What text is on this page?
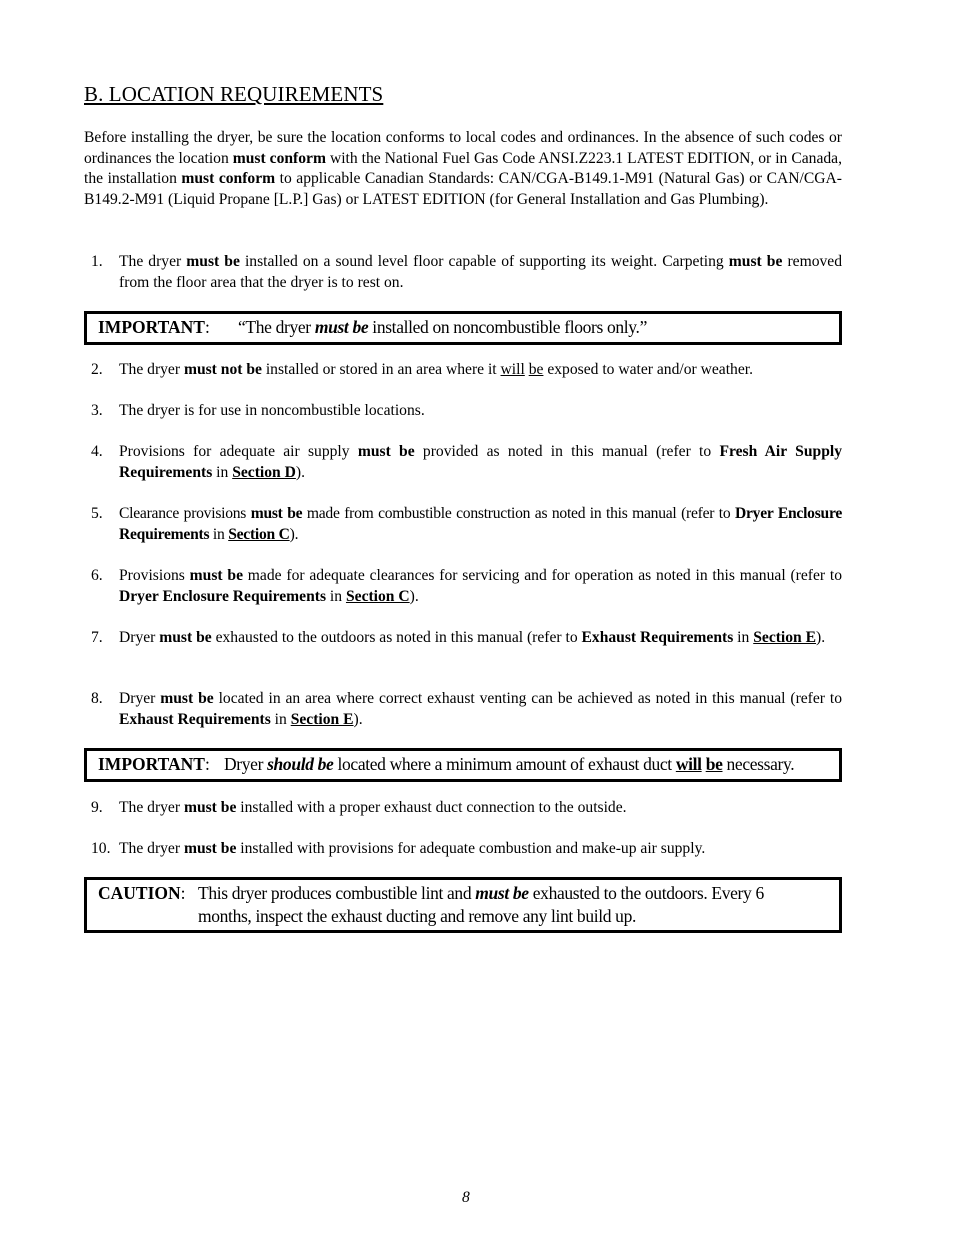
B. LOCATION REQUIREMENTS
Before installing the dryer, be sure the location conforms to local codes and ordinances. In the absence of such codes or ordinances the location must conform with the National Fuel Gas Code ANSI.Z223.1 LATEST EDITION, or in Canada, the installation must conform to applicable Canadian Standards: CAN/CGA-B149.1-M91 (Natural Gas) or CAN/CGA-B149.2-M91 (Liquid Propane [L.P.] Gas) or LATEST EDITION (for General Installation and Gas Plumbing).
1. The dryer must be installed on a sound level floor capable of supporting its weight. Carpeting must be removed from the floor area that the dryer is to rest on.
IMPORTANT: “The dryer must be installed on noncombustible floors only.”
2. The dryer must not be installed or stored in an area where it will be exposed to water and/or weather.
3. The dryer is for use in noncombustible locations.
4. Provisions for adequate air supply must be provided as noted in this manual (refer to Fresh Air Supply Requirements in Section D).
5. Clearance provisions must be made from combustible construction as noted in this manual (refer to Dryer Enclosure Requirements in Section C).
6. Provisions must be made for adequate clearances for servicing and for operation as noted in this manual (refer to Dryer Enclosure Requirements in Section C).
7. Dryer must be exhausted to the outdoors as noted in this manual (refer to Exhaust Requirements in Section E).
8. Dryer must be located in an area where correct exhaust venting can be achieved as noted in this manual (refer to Exhaust Requirements in Section E).
IMPORTANT: Dryer should be located where a minimum amount of exhaust duct will be necessary.
9. The dryer must be installed with a proper exhaust duct connection to the outside.
10. The dryer must be installed with provisions for adequate combustion and make-up air supply.
CAUTION: This dryer produces combustible lint and must be exhausted to the outdoors. Every 6 months, inspect the exhaust ducting and remove any lint build up.
8
